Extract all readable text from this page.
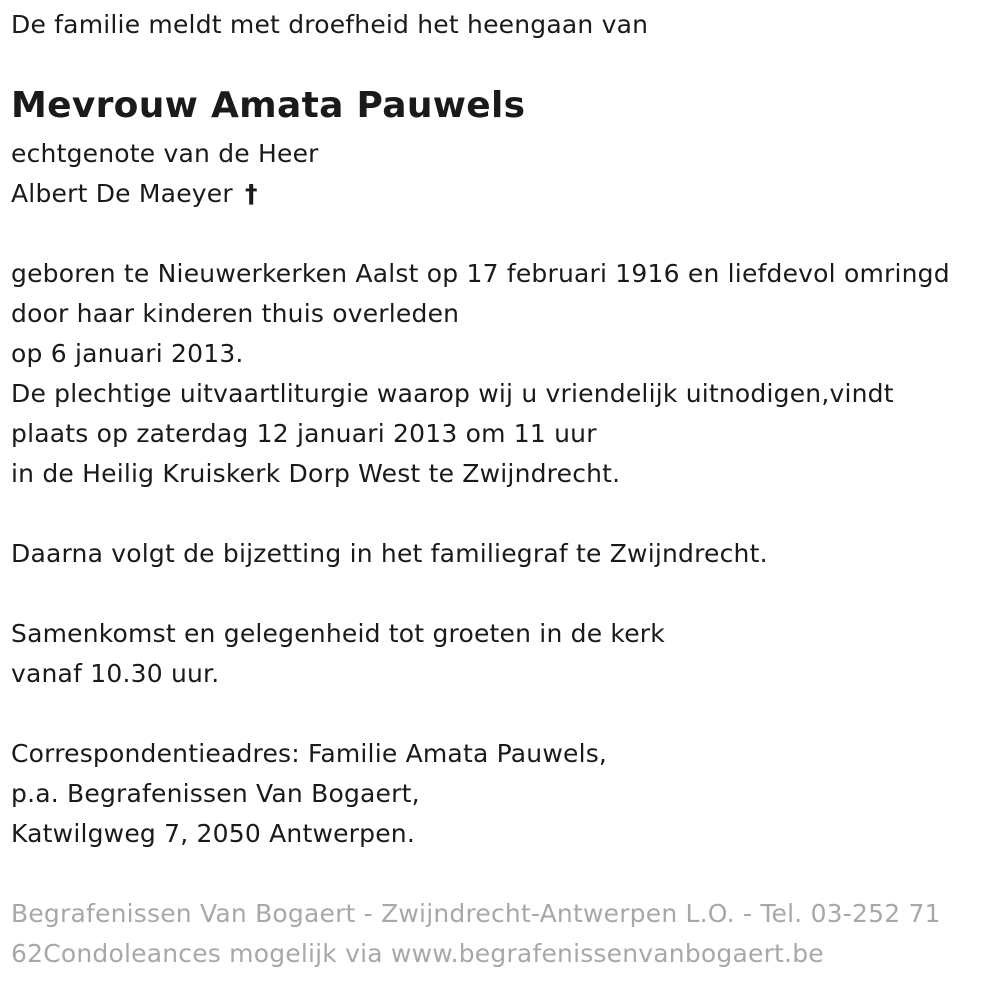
De familie meldt met droefheid het heengaan van
Mevrouw Amata Pauwels
echtgenote van de Heer
Albert De Maeyer †
geboren te Nieuwerkerken Aalst op 17 februari 1916 en liefdevol omringd
door haar kinderen thuis overleden
op 6 januari 2013.
De plechtige uitvaartliturgie waarop wij u vriendelijk uitnodigen,vindt
plaats op zaterdag 12 januari 2013 om 11 uur
in de Heilig Kruiskerk Dorp West te Zwijndrecht.
Daarna volgt de bijzetting in het familiegraf te Zwijndrecht.
Samenkomst en gelegenheid tot groeten in de kerk
vanaf 10.30 uur.
Correspondentieadres: Familie Amata Pauwels,
p.a. Begrafenissen Van Bogaert,
Katwilgweg 7, 2050 Antwerpen.
Begrafenissen Van Bogaert - Zwijndrecht-Antwerpen L.O. - Tel. 03-252 71
62Condoleances mogelijk via www.begrafenissenvanbogaert.be
